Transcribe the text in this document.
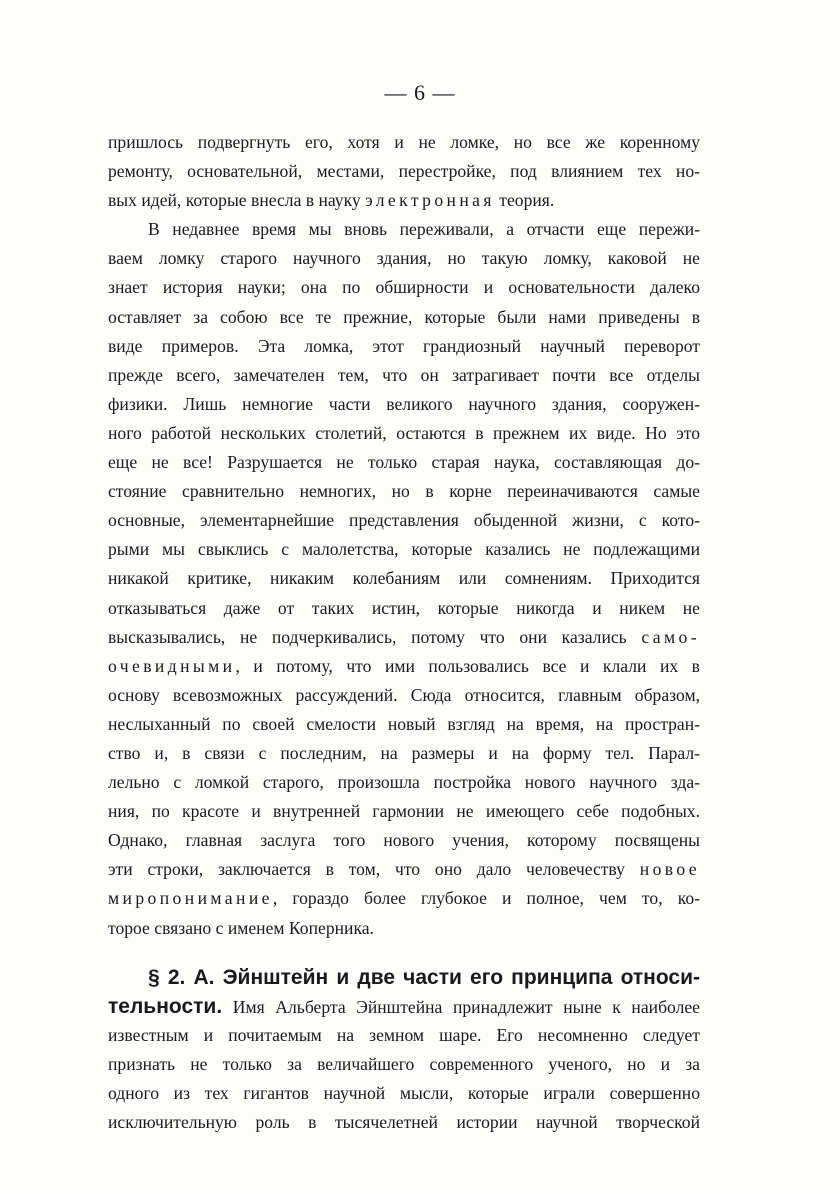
— 6 —
пришлось подвергнуть его, хотя и не ломке, но все же коренному
ремонту, основательной, местами, перестройке, под влиянием тех но-
вых идей, которые внесла в науку электронная теория.
В недавнее время мы вновь переживали, а отчасти еще пережи-
ваем ломку старого научного здания, но такую ломку, каковой не
знает история науки; она по обширности и основательности далеко
оставляет за собою все те прежние, которые были нами приведены в
виде примеров. Эта ломка, этот грандиозный научный переворот
прежде всего, замечателен тем, что он затрагивает почти все отделы
физики. Лишь немногие части великого научного здания, сооружен-
ного работой нескольких столетий, остаются в прежнем их виде. Но это
еще не все! Разрушается не только старая наука, составляющая до-
стояние сравнительно немногих, но в корне переиначиваются самые
основные, элементарнейшие представления обыденной жизни, с кото-
рыми мы свыклись с малолетства, которые казались не подлежащими
никакой критике, никаким колебаниям или сомнениям. Приходится
отказываться даже от таких истин, которые никогда и никем не
высказывались, не подчеркивались, потому что они казались само-
очевидными, и потому, что ими пользовались все и клали их в
основу всевозможных рассуждений. Сюда относится, главным образом,
неслыханный по своей смелости новый взгляд на время, на простран-
ство и, в связи с последним, на размеры и на форму тел. Парал-
лельно с ломкой старого, произошла постройка нового научного зда-
ния, по красоте и внутренней гармонии не имеющего себе подобных.
Однако, главная заслуга того нового учения, которому посвящены
эти строки, заключается в том, что оно дало человечеству новое
миропонимание, гораздо более глубокое и полное, чем то, ко-
торое связано с именем Коперника.
§ 2. А. Эйнштейн и две части его принципа относи-
тельности. Имя Альберта Эйнштейна принадлежит ныне к наиболее
известным и почитаемым на земном шаре. Его несомненно следует
признать не только за величайшего современного ученого, но и за
одного из тех гигантов научной мысли, которые играли совершенно
исключительную роль в тысячелетней истории научной творческой
